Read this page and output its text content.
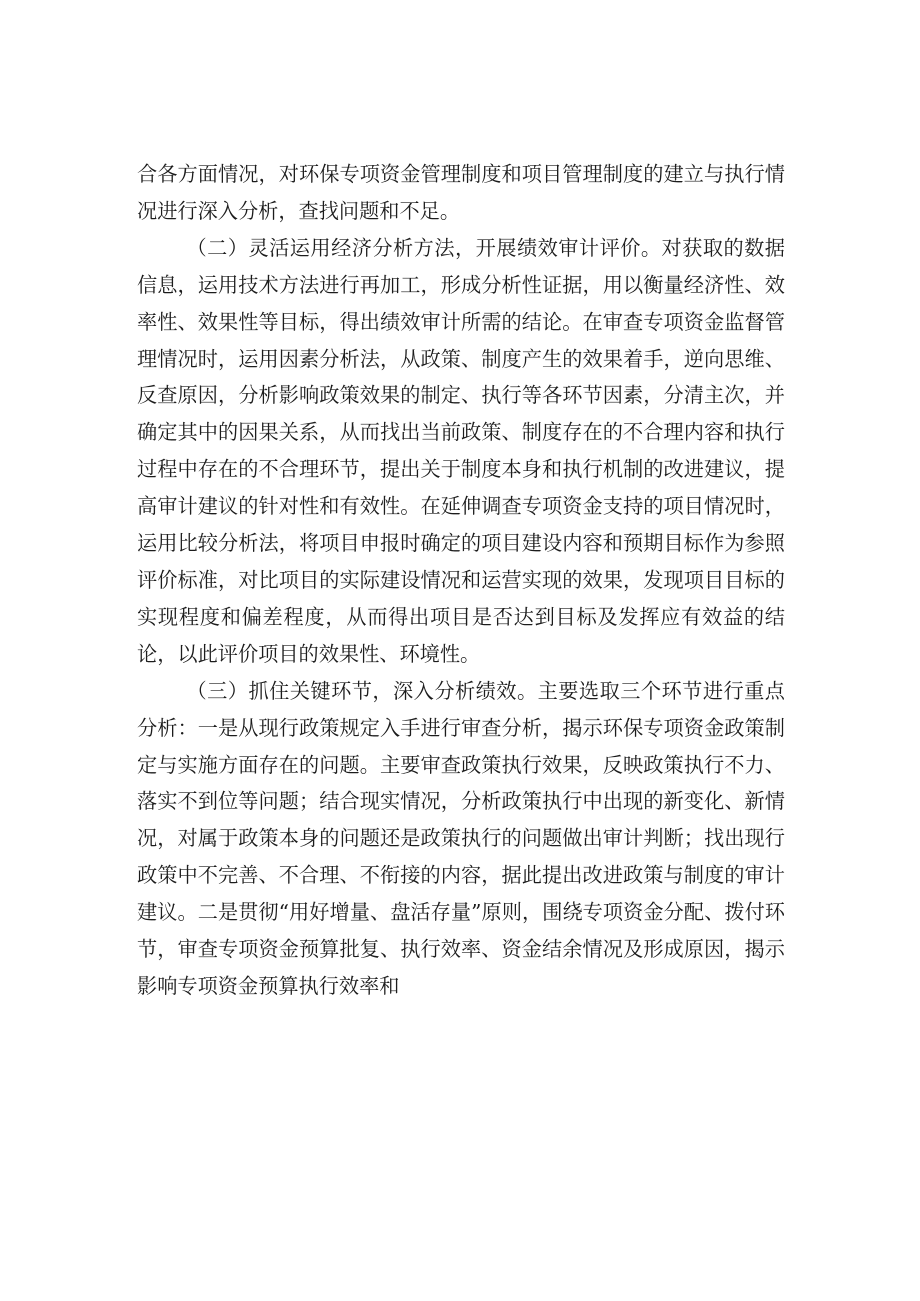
合各方面情况，对环保专项资金管理制度和项目管理制度的建立与执行情况进行深入分析，查找问题和不足。

（二）灵活运用经济分析方法，开展绩效审计评价。对获取的数据信息，运用技术方法进行再加工，形成分析性证据，用以衡量经济性、效率性、效果性等目标，得出绩效审计所需的结论。在审查专项资金监督管理情况时，运用因素分析法，从政策、制度产生的效果着手，逆向思维、反查原因，分析影响政策效果的制定、执行等各环节因素，分清主次，并确定其中的因果关系，从而找出当前政策、制度存在的不合理内容和执行过程中存在的不合理环节，提出关于制度本身和执行机制的改进建议，提高审计建议的针对性和有效性。在延伸调查专项资金支持的项目情况时，运用比较分析法，将项目申报时确定的项目建设内容和预期目标作为参照评价标准，对比项目的实际建设情况和运营实现的效果，发现项目目标的实现程度和偏差程度，从而得出项目是否达到目标及发挥应有效益的结论，以此评价项目的效果性、环境性。

（三）抓住关键环节，深入分析绩效。主要选取三个环节进行重点分析：一是从现行政策规定入手进行审查分析，揭示环保专项资金政策制定与实施方面存在的问题。主要审查政策执行效果，反映政策执行不力、落实不到位等问题；结合现实情况，分析政策执行中出现的新变化、新情况，对属于政策本身的问题还是政策执行的问题做出审计判断；找出现行政策中不完善、不合理、不衔接的内容，据此提出改进政策与制度的审计建议。二是贯彻“用好增量、盘活存量”原则，围绕专项资金分配、拨付环节，审查专项资金预算批复、执行效率、资金结余情况及形成原因，揭示影响专项资金预算执行效率和
